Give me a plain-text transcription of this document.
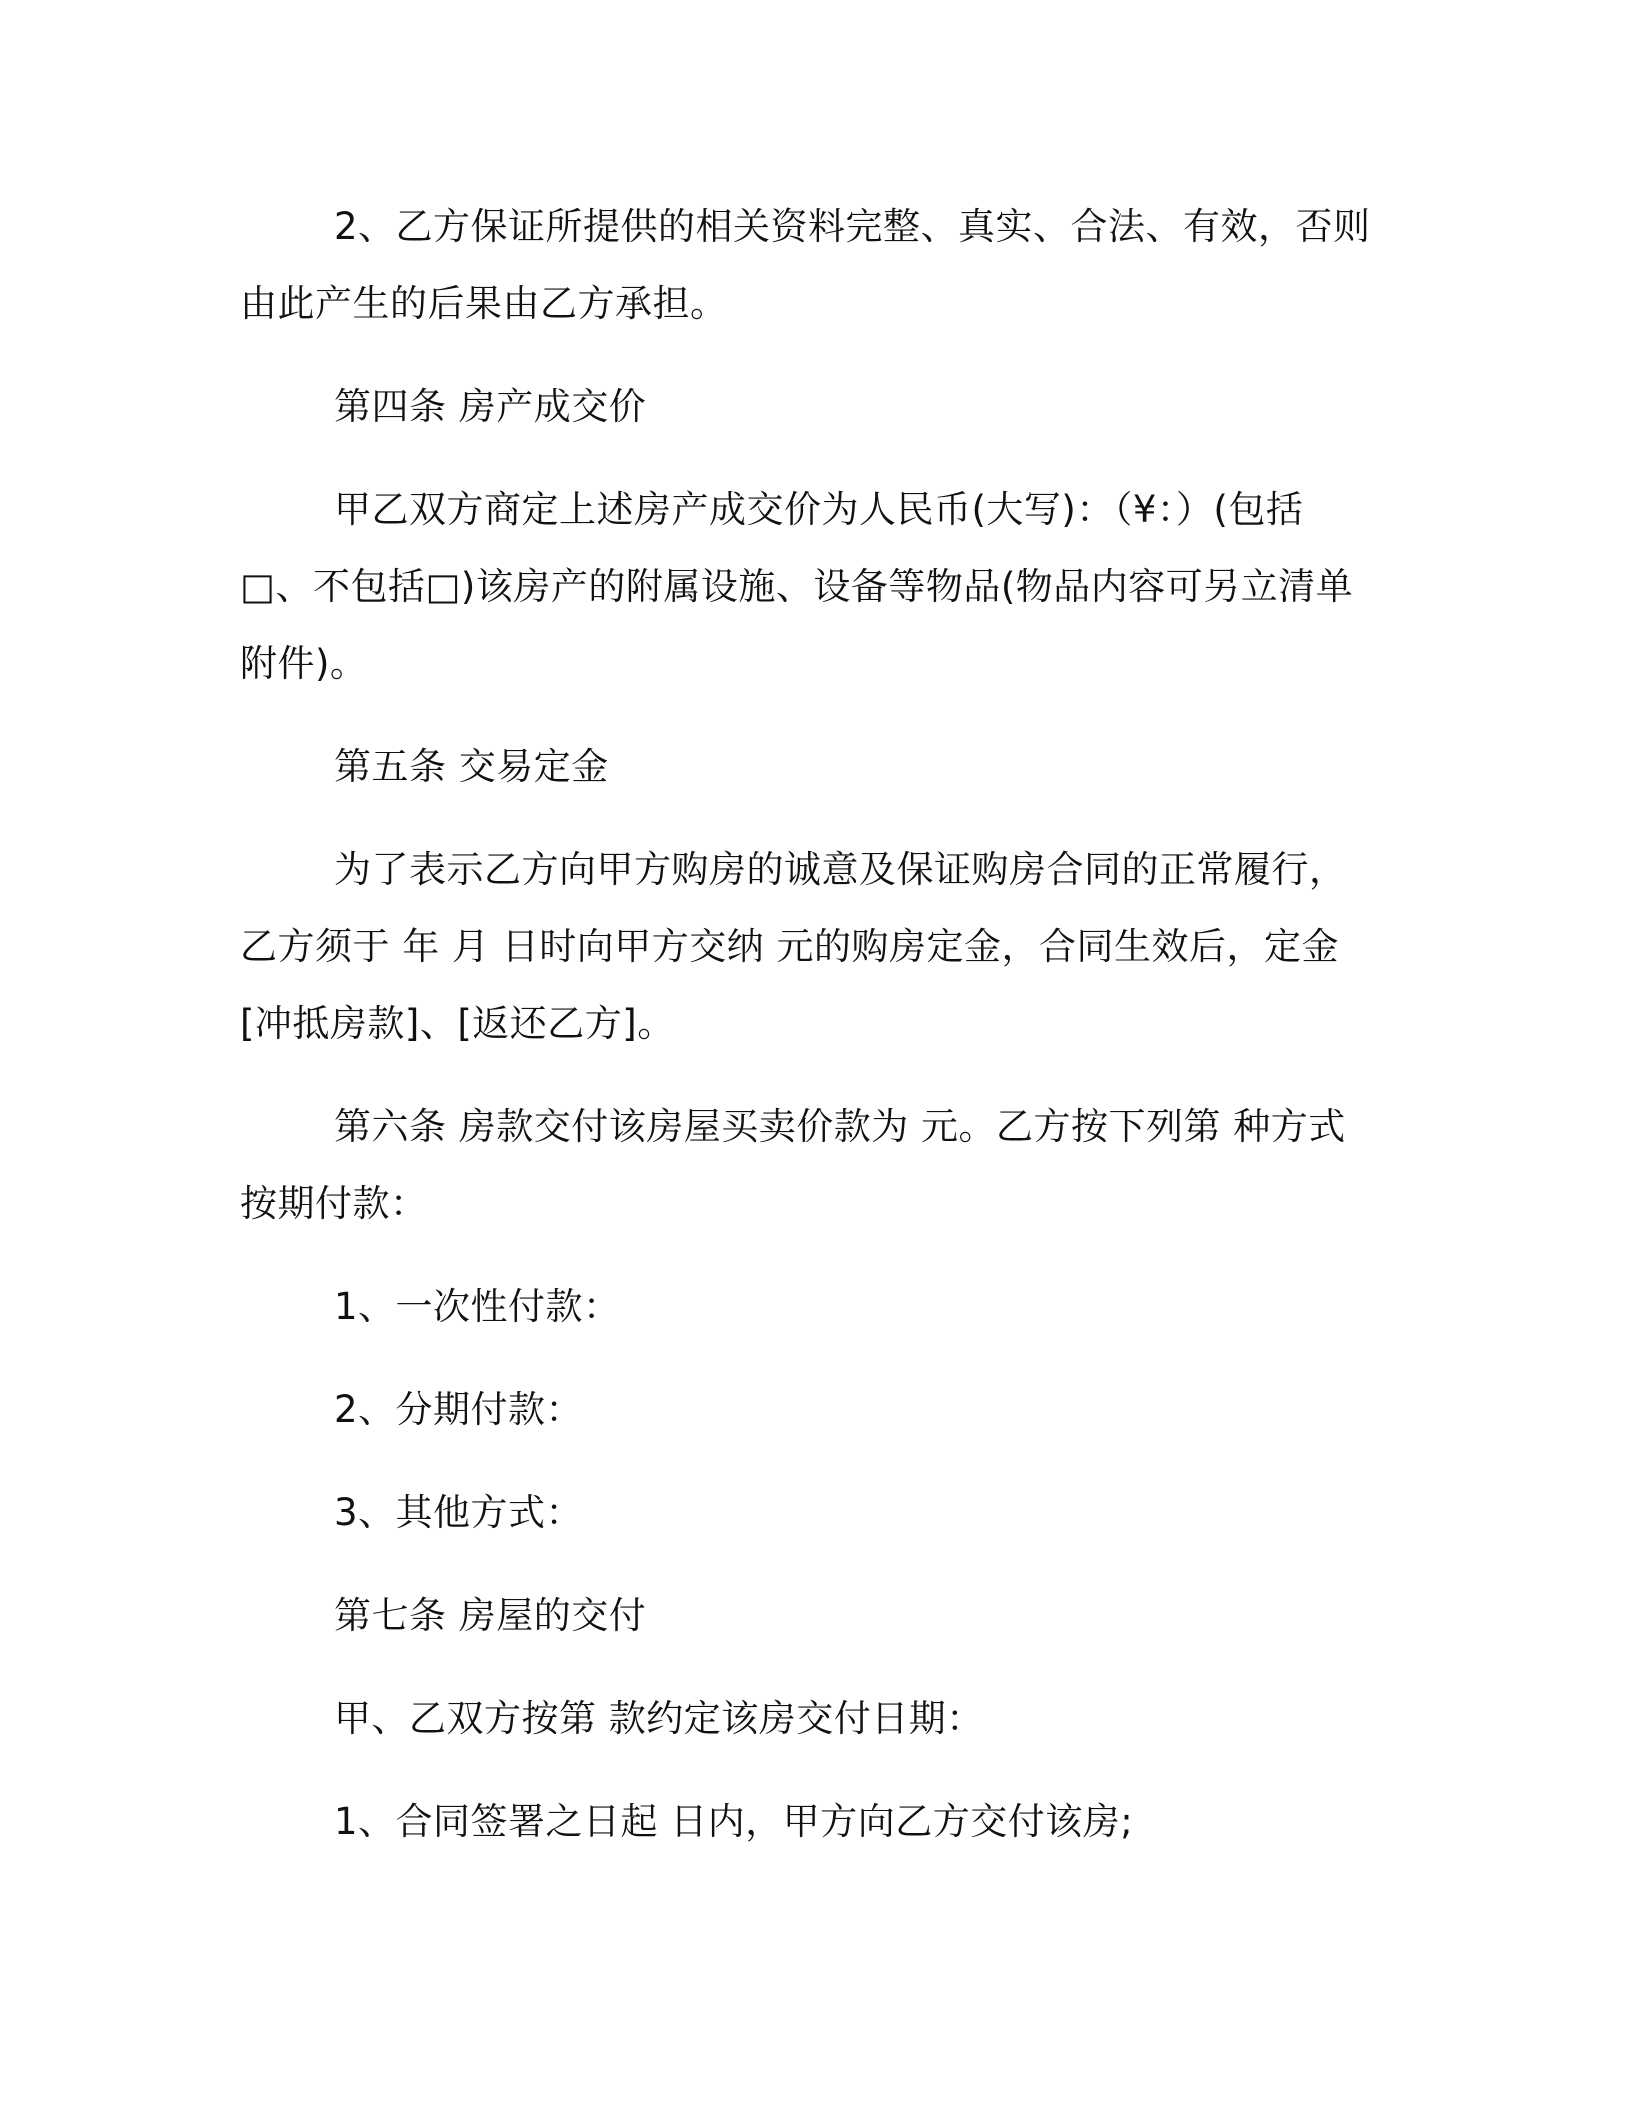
2、乙方保证所提供的相关资料完整、真实、合法、有效，否则由此产生的后果由乙方承担。

第四条 房产成交价

甲乙双方商定上述房产成交价为人民币(大写)：（¥：）(包括□、不包括□)该房产的附属设施、设备等物品(物品内容可另立清单附件)。

第五条 交易定金

为了表示乙方向甲方购房的诚意及保证购房合同的正常履行，乙方须于 年 月 日时向甲方交纳 元的购房定金，合同生效后，定金[冲抵房款]、[返还乙方]。

第六条 房款交付该房屋买卖价款为 元。乙方按下列第 种方式按期付款：

1、一次性付款：

2、分期付款：

3、其他方式：

第七条 房屋的交付

甲、乙双方按第 款约定该房交付日期：

1、合同签署之日起 日内，甲方向乙方交付该房;
